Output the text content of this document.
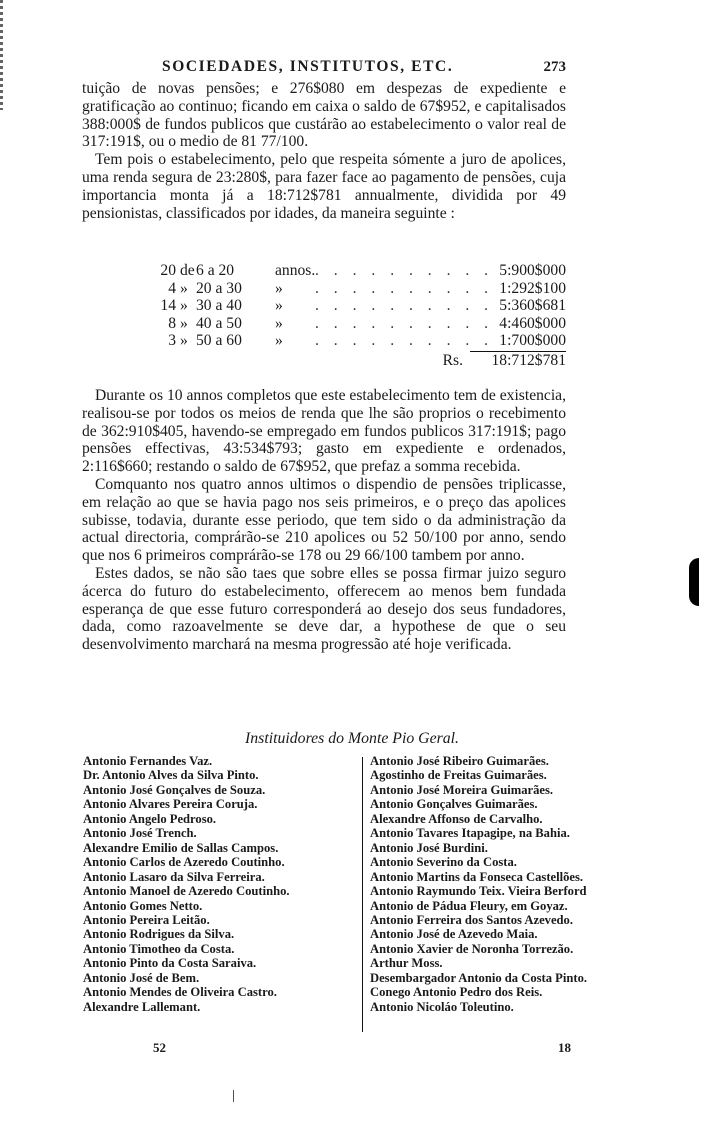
SOCIEDADES, INSTITUTOS, ETC.	273

tuição de novas pensões; e 276$080 em despezas de expediente e gratificação ao continuo; ficando em caixa o saldo de 67$952, e capitalisados 388:000$ de fundos publicos que custárão ao estabelecimento o valor real de 317:191$, ou o medio de 81 77/100.

Tem pois o estabelecimento, pelo que respeita sómente a juro de apolices, uma renda segura de 23:280$, para fazer face ao pagamento de pensões, cuja importancia monta já a 18:712$781 annualmente, dividida por 49 pensionistas, classificados por idades, da maneira seguinte :

20 de 6 a 20	annos. . . . . . . . . . . 5:900$000
4 » 20 a 30 » . . . . . . . . . . 1:292$100
14 » 30 a 40 » . . . . . . . . . . 5:360$681
8 » 40 a 50 » . . . . . . . . . . 4:460$000
3 » 50 a 60 » . . . . . . . . . . 1:700$000
Rs. 18:712$781

Durante os 10 annos completos que este estabelecimento tem de existencia, realisou-se por todos os meios de renda que lhe são proprios o recebimento de 362:910$405, havendo-se empregado em fundos publicos 317:191$; pago pensões effectivas, 43:534$793; gasto em expediente e ordenados, 2:116$660; restando o saldo de 67$952, que prefaz a somma recebida.

Comquanto nos quatro annos ultimos o dispendio de pensões triplicasse, em relação ao que se havia pago nos seis primeiros, e o preço das apolices subisse, todavia, durante esse periodo, que tem sido o da administração da actual directoria, comprárão-se 210 apolices ou 52 50/100 por anno, sendo que nos 6 primeiros comprárão-se 178 ou 29 66/100 tambem por anno.

Estes dados, se não são taes que sobre elles se possa firmar juizo seguro ácerca do futuro do estabelecimento, offerecem ao menos bem fundada esperança de que esse futuro corresponderá ao desejo dos seus fundadores, dada, como razoavelmente se deve dar, a hypothese de que o seu desenvolvimento marchará na mesma progressão até hoje verificada.

Instituidores do Monte Pio Geral.
Antonio Fernandes Vaz.
Dr. Antonio Alves da Silva Pinto.
Antonio José Gonçalves de Souza.
Antonio Alvares Pereira Coruja.
Antonio Angelo Pedroso.
Antonio José Trench.
Alexandre Emilio de Sallas Campos.
Antonio Carlos de Azeredo Coutinho.
Antonio Lasaro da Silva Ferreira.
Antonio Manoel de Azeredo Coutinho.
Antonio Gomes Netto.
Antonio Pereira Leitão.
Antonio Rodrigues da Silva.
Antonio Timotheo da Costa.
Antonio Pinto da Costa Saraiva.
Antonio José de Bem.
Antonio Mendes de Oliveira Castro.
Alexandre Lallemant.
Antonio José Ribeiro Guimarães.
Agostinho de Freitas Guimarães.
Antonio José Moreira Guimarães.
Antonio Gonçalves Guimarães.
Alexandre Affonso de Carvalho.
Antonio Tavares Itapagipe, na Bahia.
Antonio José Burdini.
Antonio Severino da Costa.
Antonio Martins da Fonseca Castellões.
Antonio Raymundo Teix. Vieira Berford
Antonio de Pádua Fleury, em Goyaz.
Antonio Ferreira dos Santos Azevedo.
Antonio José de Azevedo Maia.
Antonio Xavier de Noronha Torrezão.
Arthur Moss.
Desembargador Antonio da Costa Pinto.
Conego Antonio Pedro dos Reis.
Antonio Nicoláo Toleutino.
52	18
